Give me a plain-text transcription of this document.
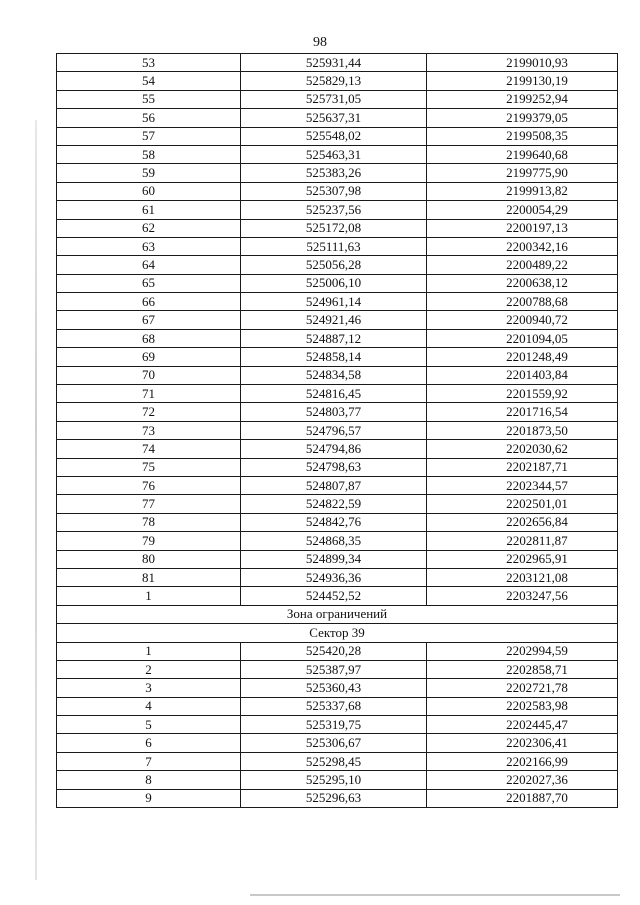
98
53	525931,44	2199010,93
54	525829,13	2199130,19
55	525731,05	2199252,94
56	525637,31	2199379,05
57	525548,02	2199508,35
58	525463,31	2199640,68
59	525383,26	2199775,90
60	525307,98	2199913,82
61	525237,56	2200054,29
62	525172,08	2200197,13
63	525111,63	2200342,16
64	525056,28	2200489,22
65	525006,10	2200638,12
66	524961,14	2200788,68
67	524921,46	2200940,72
68	524887,12	2201094,05
69	524858,14	2201248,49
70	524834,58	2201403,84
71	524816,45	2201559,92
72	524803,77	2201716,54
73	524796,57	2201873,50
74	524794,86	2202030,62
75	524798,63	2202187,71
76	524807,87	2202344,57
77	524822,59	2202501,01
78	524842,76	2202656,84
79	524868,35	2202811,87
80	524899,34	2202965,91
81	524936,36	2203121,08
1	524452,52	2203247,56
Зона ограничений		
Сектор 39		
1	525420,28	2202994,59
2	525387,97	2202858,71
3	525360,43	2202721,78
4	525337,68	2202583,98
5	525319,75	2202445,47
6	525306,67	2202306,41
7	525298,45	2202166,99
8	525295,10	2202027,36
9	525296,63	2201887,70
